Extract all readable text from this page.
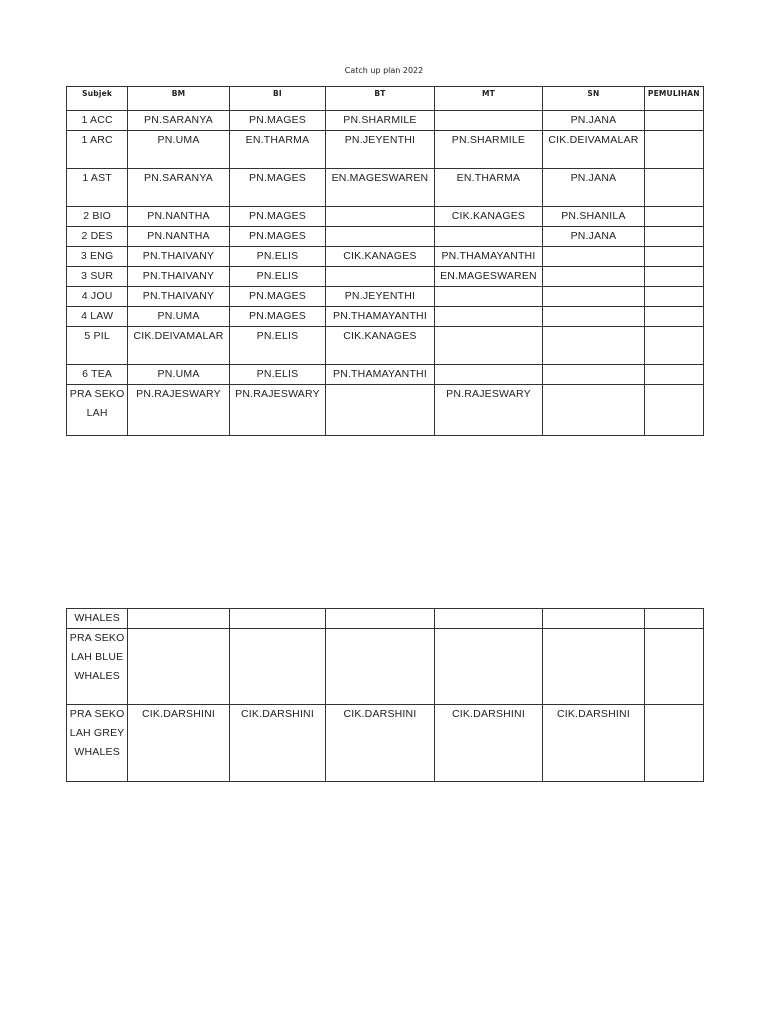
Catch up plan 2022
Subjek	BM	BI	BT	MT	SN	PEMULIHAN
1 ACC	PN.SARANYA	PN.MAGES	PN.SHARMILE		PN.JANA	
1 ARC	PN.UMA	EN.THARMA	PN.JEYENTHI	PN.SHARMILE	CIK.DEIVAMALAR	
1 AST	PN.SARANYA	PN.MAGES	EN.MAGESWAREN	EN.THARMA	PN.JANA	
2 BIO	PN.NANTHA	PN.MAGES		CIK.KANAGES	PN.SHANILA	
2 DES	PN.NANTHA	PN.MAGES			PN.JANA	
3 ENG	PN.THAIVANY	PN.ELIS	CIK.KANAGES	PN.THAMAYANTHI		
3 SUR	PN.THAIVANY	PN.ELIS		EN.MAGESWAREN		
4 JOU	PN.THAIVANY	PN.MAGES	PN.JEYENTHI			
4 LAW	PN.UMA	PN.MAGES	PN.THAMAYANTHI			
5 PIL	CIK.DEIVAMALAR	PN.ELIS	CIK.KANAGES			
6 TEA	PN.UMA	PN.ELIS	PN.THAMAYANTHI			
PRA SEKOLAH	PN.RAJESWARY	PN.RAJESWARY		PN.RAJESWARY		
WHALES						
PRA SEKOLAH BLUE WHALES						
PRA SEKOLAH GREY WHALES	CIK.DARSHINI	CIK.DARSHINI	CIK.DARSHINI	CIK.DARSHINI	CIK.DARSHINI	
